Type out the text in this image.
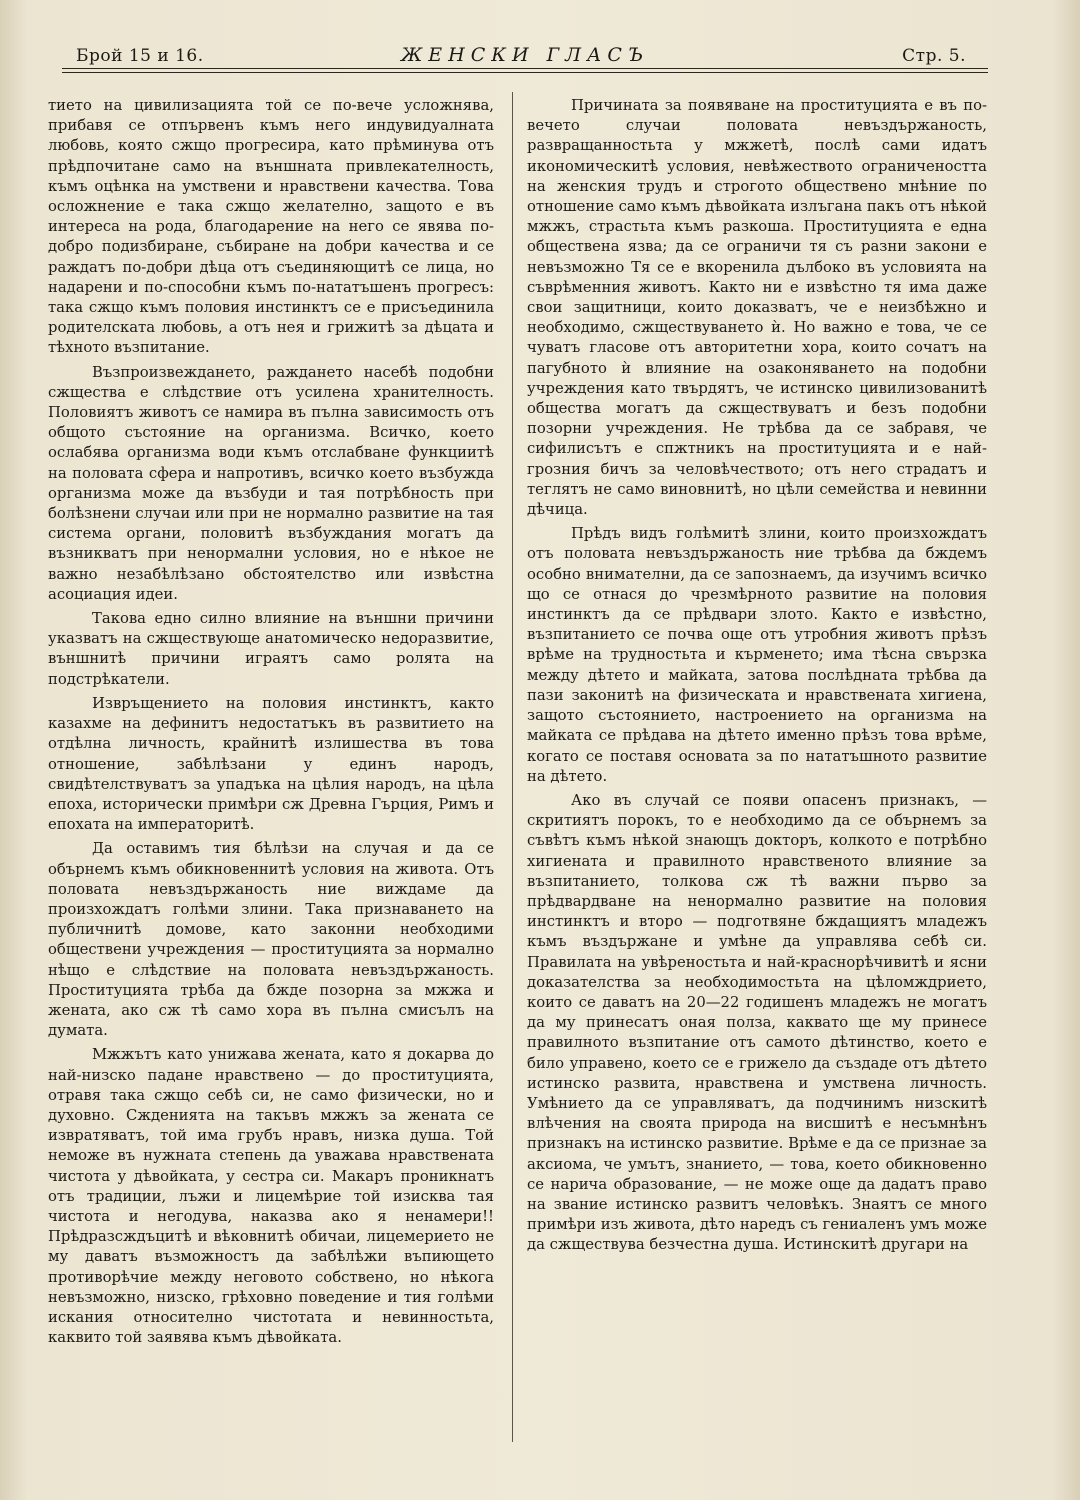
Брой 15 и 16.	ЖЕНСКИ ГЛАСЪ	Стр. 5.

тието на цивилизацията той се по-вече усложнява, прибавя се отпървенъ къмъ него индувидуалната любовь, която сжщо прогресира, като прѣминува отъ прѣдпочитане само на външната привлекателность, къмъ оцѣнка на умствени и нравствени качества. Това осложнение е така сжщо желателно, защото е въ интереса на рода, благодарение на него се явява по-добро подизбиране, събиране на добри качества и се раждатъ по-добри дѣца отъ съединяющитѣ се лица, но надарени и по-способни къмъ по-нататъшенъ прогресъ: така сжщо къмъ половия инстинктъ се е присъединила родителската любовь, а отъ нея и грижитѣ за дѣцата и тѣхното възпитание.

Възпроизвеждането, раждането насебѣ подобни сжщества е слѣдствие отъ усилена хранителность. Половиятъ животъ се намира въ пълна зависимость отъ общото състояние на организма. Всичко, което ослабява организма води къмъ отслабване функциитѣ на половата сфера и напротивъ, всичко което възбужда организма може да възбуди и тая потрѣбность при болѣзнени случаи или при не нормално развитие на тая система органи, половитѣ възбуждания могатъ да възникватъ при ненормални условия, но е нѣкое не важно незабѣлѣзано обстоятелство или извѣстна асоциация идеи.

Такова едно силно влияние на външни причини указватъ на сжществующе анатомическо недоразвитие, външнитѣ причини играятъ само ролята на подстрѣкатели.

Извръщението на половия инстинктъ, както казахме на дефинитъ недостатъкъ въ развитието на отдѣлна личность, крайнитѣ излишества въ това отношение, забѣлѣзани у единъ народъ, свидѣтелствуватъ за упадъка на цѣлия народъ, на цѣла епоха, исторически примѣри сж Древна Гърция, Римъ и епохата на императоритѣ.

Да оставимъ тия бѣлѣзи на случая и да се обърнемъ къмъ обикновеннитѣ условия на живота. Отъ половата невъздържаность ние виждаме да произхождатъ голѣми злини. Така признаването на публичнитѣ домове, като законни необходими обществени учреждения — проституцията за нормално нѣщо е слѣдствие на половата невъздържаность. Проституцията трѣба да бжде позорна за мжжа и жената, ако сж тѣ само хора въ пълна смисълъ на думата.

Мжжътъ като унижава жената, като я докарва до най-низско падане нравствено — до проституцията, отравя така сжщо себѣ си, не само физически, но и духовно. Сжденията на такъвъ мжжъ за жената се извратяватъ, той има грубъ нравъ, низка душа. Той неможе въ нужната степень да уважава нравствената чистота у дѣвойката, у сестра си. Макаръ проникнатъ отъ традиции, лъжи и лицемѣрие той изисква тая чистота и негодува, наказва ако я ненамери!! Прѣдразсждъцитѣ и вѣковнитѣ обичаи, лицемерието не му даватъ възможностъ да забѣлѣжи въпиющето противорѣчие между неговото собствено, но нѣкога невъзможно, низско, грѣховно поведение и тия голѣми искания относително чистотата и невинностьта, каквито той заявява къмъ дѣвойката.

Причината за появяване на проституцията е въ по-вечето случаи половата невъздържаность, развращанностьта у мжжетѣ, послѣ сами идатъ икономическитѣ условия, невѣжеството ограничеността на женския трудъ и строгото обществено мнѣние по отношение само къмъ дѣвойката излъгана пакъ отъ нѣкой мжжъ, страстьта къмъ разкоша. Проституцията е една обществена язва; да се ограничи тя съ разни закони е невъзможно Тя се е вкоренила дълбоко въ условията на съврѣменния животъ. Както ни е извѣстно тя има даже свои защитници, които доказватъ, че е неизбѣжно и необходимо, сжществуването ѝ. Но важно е това, че се чуватъ гласове отъ авторитетни хора, които сочатъ на пагубното ѝ влияние на озаконяването на подобни учреждения като твърдятъ, че истинско цивилизованитѣ общества могатъ да сжществуватъ и безъ подобни позорни учреждения. Не трѣбва да се забравя, че сифилисътъ е спжтникъ на проституцията и е най-грозния бичъ за человѣчеството; отъ него страдатъ и теглятъ не само виновнитѣ, но цѣли семейства и невинни дѣчица.

Прѣдъ видъ голѣмитѣ злини, които произхождатъ отъ половата невъздържаность ние трѣбва да бждемъ особно внимателни, да се запознаемъ, да изучимъ всичко що се отнася до чрезмѣрното развитие на половия инстинктъ да се прѣдвари злото. Както е извѣстно, възпитанието се почва още отъ утробния животъ прѣзъ врѣме на трудностьта и кърменето; има тѣсна свързка между дѣтето и майката, затова послѣдната трѣбва да пази законитѣ на физическата и нравствената хигиена, защото състоянието, настроението на организма на майката се прѣдава на дѣтето именно прѣзъ това врѣме, когато се поставя основата за по нататъшното развитие на дѣтето.

Ако въ случай се появи опасенъ признакъ, — скритиятъ порокъ, то е необходимо да се обърнемъ за съвѣтъ къмъ нѣкой знающъ докторъ, колкото е потрѣбно хигиената и правилното нравственото влияние за възпитанието, толкова сж тѣ важни първо за прѣдвардване на ненормално развитие на половия инстинктъ и второ — подготвяне бждащиятъ младежъ къмъ въздържане и умѣне да управлява себѣ си. Правилата на увѣреностьта и най-краснорѣчивитѣ и ясни доказателства за необходимостьта на цѣломждрието, които се даватъ на 20—22 годишенъ младежъ не могатъ да му принесатъ оная полза, каквато ще му принесе правилното възпитание отъ самото дѣтинство, което е било управено, което се е грижело да създаде отъ дѣтето истинско развита, нравствена и умствена личность. Умѣнието да се управляватъ, да подчинимъ низскитѣ влѣчения на своята природа на висшитѣ е несъмнѣнъ признакъ на истинско развитие. Врѣме е да се признае за аксиома, че умътъ, знанието, — това, което обикновенно се нарича образование, — не може още да дадатъ право на звание истинско развитъ человѣкъ. Знаятъ се много примѣри изъ живота, дѣто наредъ съ гениаленъ умъ може да сжществува безчестна душа. Истинскитѣ другари на
